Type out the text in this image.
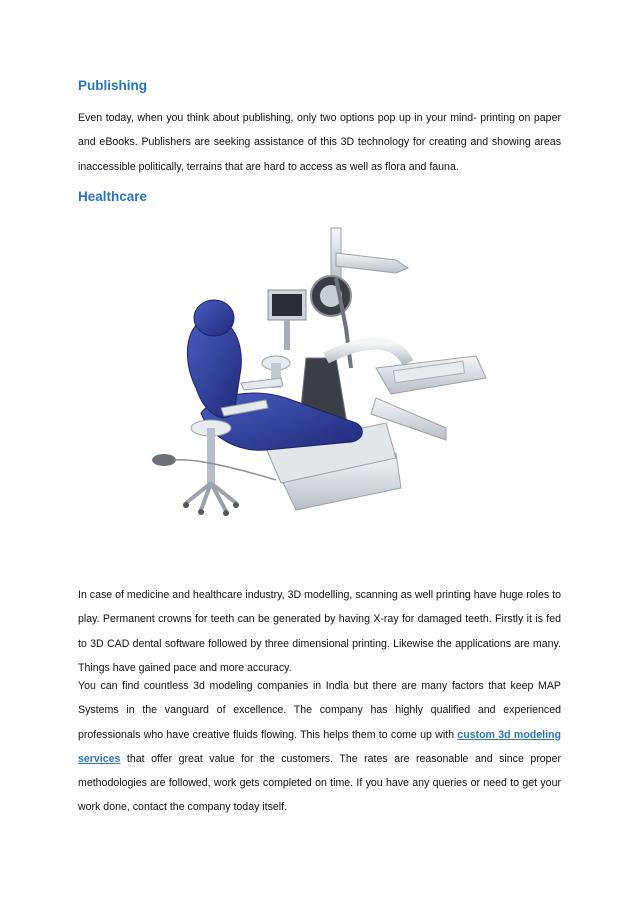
Publishing

Even today, when you think about publishing, only two options pop up in your mind- printing on paper and eBooks. Publishers are seeking assistance of this 3D technology for creating and showing areas inaccessible politically, terrains that are hard to access as well as flora and fauna.

Healthcare

In case of medicine and healthcare industry, 3D modelling, scanning as well printing have huge roles to play. Permanent crowns for teeth can be generated by having X-ray for damaged teeth. Firstly it is fed to 3D CAD dental software followed by three dimensional printing. Likewise the applications are many. Things have gained pace and more accuracy.

You can find countless 3d modeling companies in India but there are many factors that keep MAP Systems in the vanguard of excellence. The company has highly qualified and experienced professionals who have creative fluids flowing. This helps them to come up with custom 3d modeling services that offer great value for the customers. The rates are reasonable and since proper methodologies are followed, work gets completed on time. If you have any queries or need to get your work done, contact the company today itself.
